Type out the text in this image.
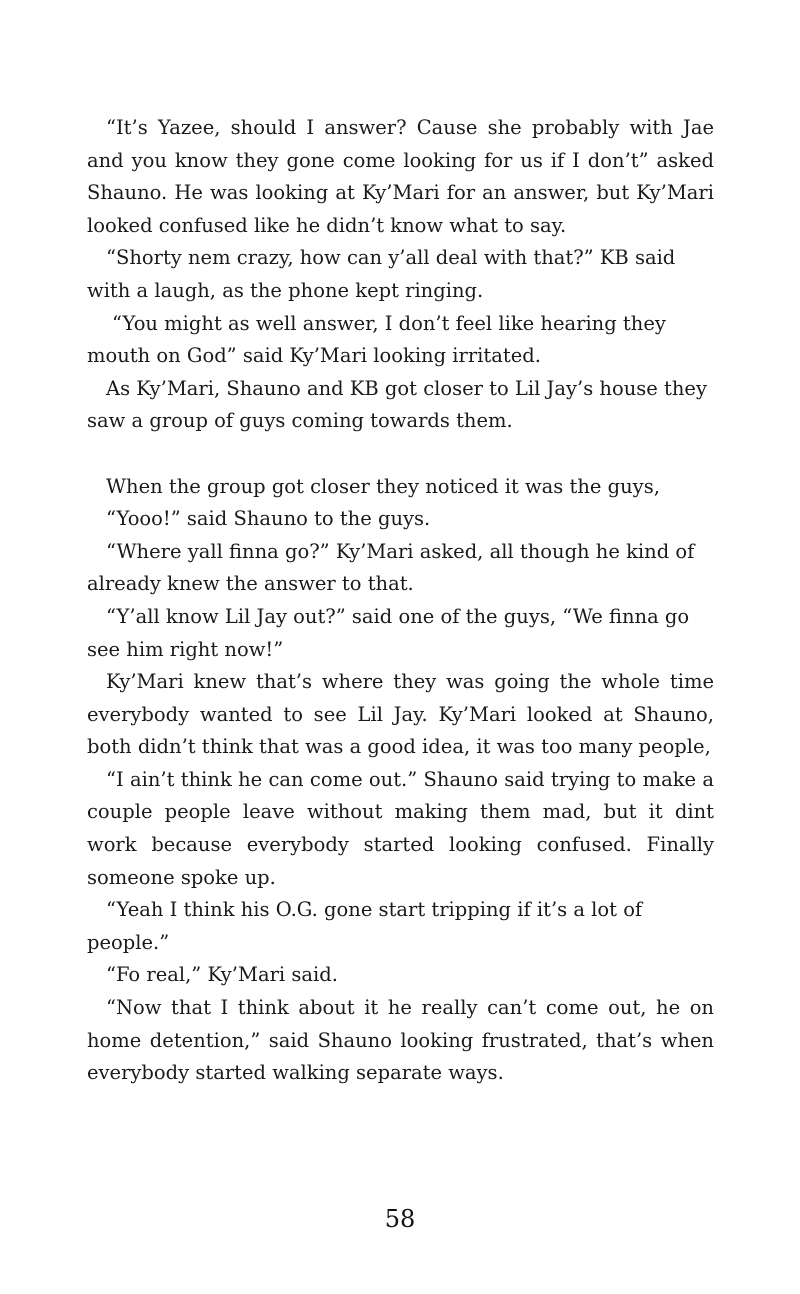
“It’s Yazee, should I answer? Cause she probably with Jae and you know they gone come looking for us if I don’t” asked Shauno. He was looking at Ky’Mari for an answer, but Ky’Mari looked confused like he didn’t know what to say.

“Shorty nem crazy, how can y’all deal with that?” KB said with a laugh, as the phone kept ringing.

“You might as well answer, I don’t feel like hearing they mouth on God” said Ky’Mari looking irritated.

As Ky’Mari, Shauno and KB got closer to Lil Jay’s house they saw a group of guys coming towards them.

When the group got closer they noticed it was the guys,

“Yooo!” said Shauno to the guys.

“Where yall finna go?” Ky’Mari asked, all though he kind of already knew the answer to that.

“Y’all know Lil Jay out?” said one of the guys, “We finna go see him right now!”

Ky’Mari knew that’s where they was going the whole time everybody wanted to see Lil Jay. Ky’Mari looked at Shauno, both didn’t think that was a good idea, it was too many people,

“I ain’t think he can come out.” Shauno said trying to make a couple people leave without making them mad, but it dint work because everybody started looking confused. Finally someone spoke up.

“Yeah I think his O.G. gone start tripping if it’s a lot of people.”

“Fo real,” Ky’Mari said.

“Now that I think about it he really can’t come out, he on home detention,” said Shauno looking frustrated, that’s when everybody started walking separate ways.

58
